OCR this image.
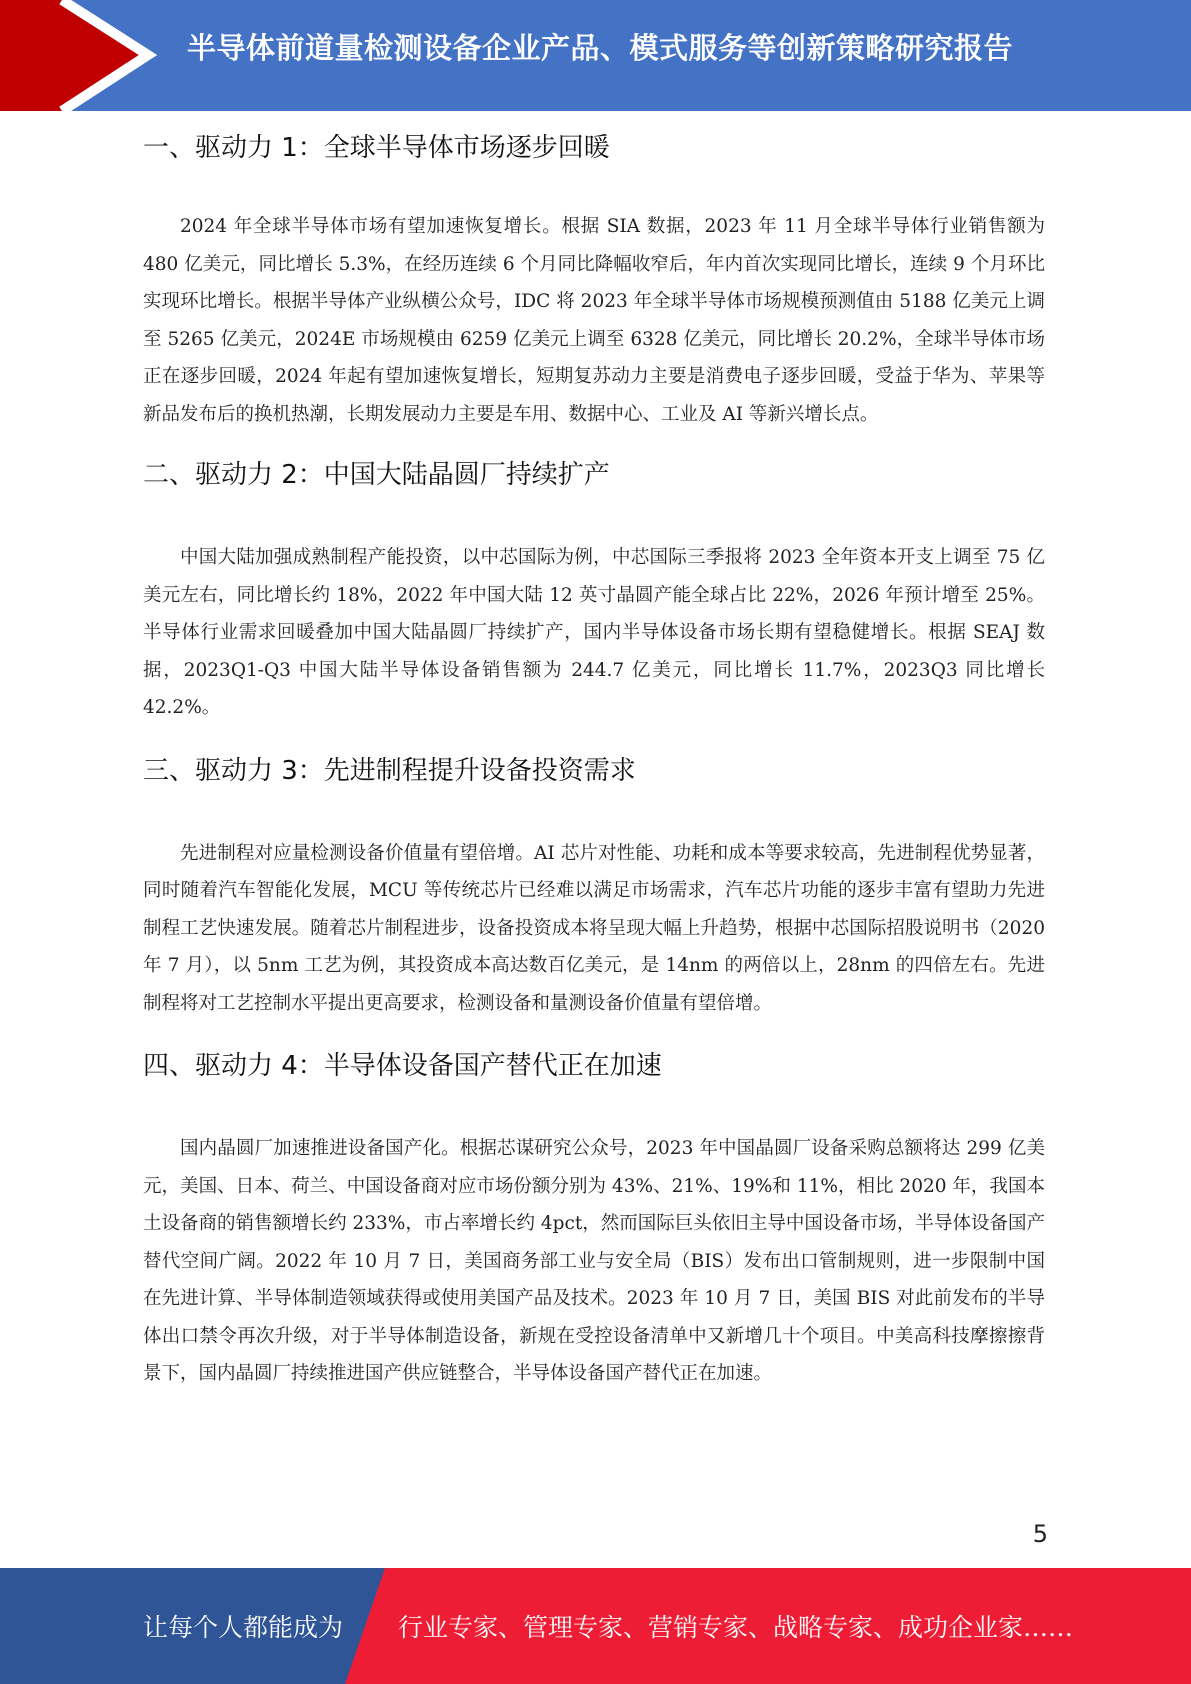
半导体前道量检测设备企业产品、模式服务等创新策略研究报告
一、驱动力 1：全球半导体市场逐步回暖

2024 年全球半导体市场有望加速恢复增长。根据 SIA 数据，2023 年 11 月全球半导体行业销售额为 480 亿美元，同比增长 5.3%，在经历连续 6 个月同比降幅收窄后，年内首次实现同比增长，连续 9 个月环比实现环比增长。根据半导体产业纵横公众号，IDC 将 2023 年全球半导体市场规模预测值由 5188 亿美元上调至 5265 亿美元，2024E 市场规模由 6259 亿美元上调至 6328 亿美元，同比增长 20.2%，全球半导体市场正在逐步回暖，2024 年起有望加速恢复增长，短期复苏动力主要是消费电子逐步回暖，受益于华为、苹果等新品发布后的换机热潮，长期发展动力主要是车用、数据中心、工业及 AI 等新兴增长点。

二、驱动力 2：中国大陆晶圆厂持续扩产

中国大陆加强成熟制程产能投资，以中芯国际为例，中芯国际三季报将 2023 全年资本开支上调至 75 亿美元左右，同比增长约 18%，2022 年中国大陆 12 英寸晶圆产能全球占比 22%，2026 年预计增至 25%。半导体行业需求回暖叠加中国大陆晶圆厂持续扩产，国内半导体设备市场长期有望稳健增长。根据 SEAJ 数据，2023Q1-Q3 中国大陆半导体设备销售额为 244.7 亿美元，同比增长 11.7%，2023Q3 同比增长 42.2%。

三、驱动力 3：先进制程提升设备投资需求

先进制程对应量检测设备价值量有望倍增。AI 芯片对性能、功耗和成本等要求较高，先进制程优势显著，同时随着汽车智能化发展，MCU 等传统芯片已经难以满足市场需求，汽车芯片功能的逐步丰富有望助力先进制程工艺快速发展。随着芯片制程进步，设备投资成本将呈现大幅上升趋势，根据中芯国际招股说明书（2020 年 7 月），以 5nm 工艺为例，其投资成本高达数百亿美元，是 14nm 的两倍以上，28nm 的四倍左右。先进制程将对工艺控制水平提出更高要求，检测设备和量测设备价值量有望倍增。

四、驱动力 4：半导体设备国产替代正在加速

国内晶圆厂加速推进设备国产化。根据芯谋研究公众号，2023 年中国晶圆厂设备采购总额将达 299 亿美元，美国、日本、荷兰、中国设备商对应市场份额分别为 43%、21%、19%和 11%，相比 2020 年，我国本土设备商的销售额增长约 233%，市占率增长约 4pct，然而国际巨头依旧主导中国设备市场，半导体设备国产替代空间广阔。2022 年 10 月 7 日，美国商务部工业与安全局（BIS）发布出口管制规则，进一步限制中国在先进计算、半导体制造领域获得或使用美国产品及技术。2023 年 10 月 7 日，美国 BIS 对此前发布的半导体出口禁令再次升级，对于半导体制造设备，新规在受控设备清单中又新增几十个项目。中美高科技摩擦擦背景下，国内晶圆厂持续推进国产供应链整合，半导体设备国产替代正在加速。

5
让每个人都能成为 行业专家、管理专家、营销专家、战略专家、成功企业家……
